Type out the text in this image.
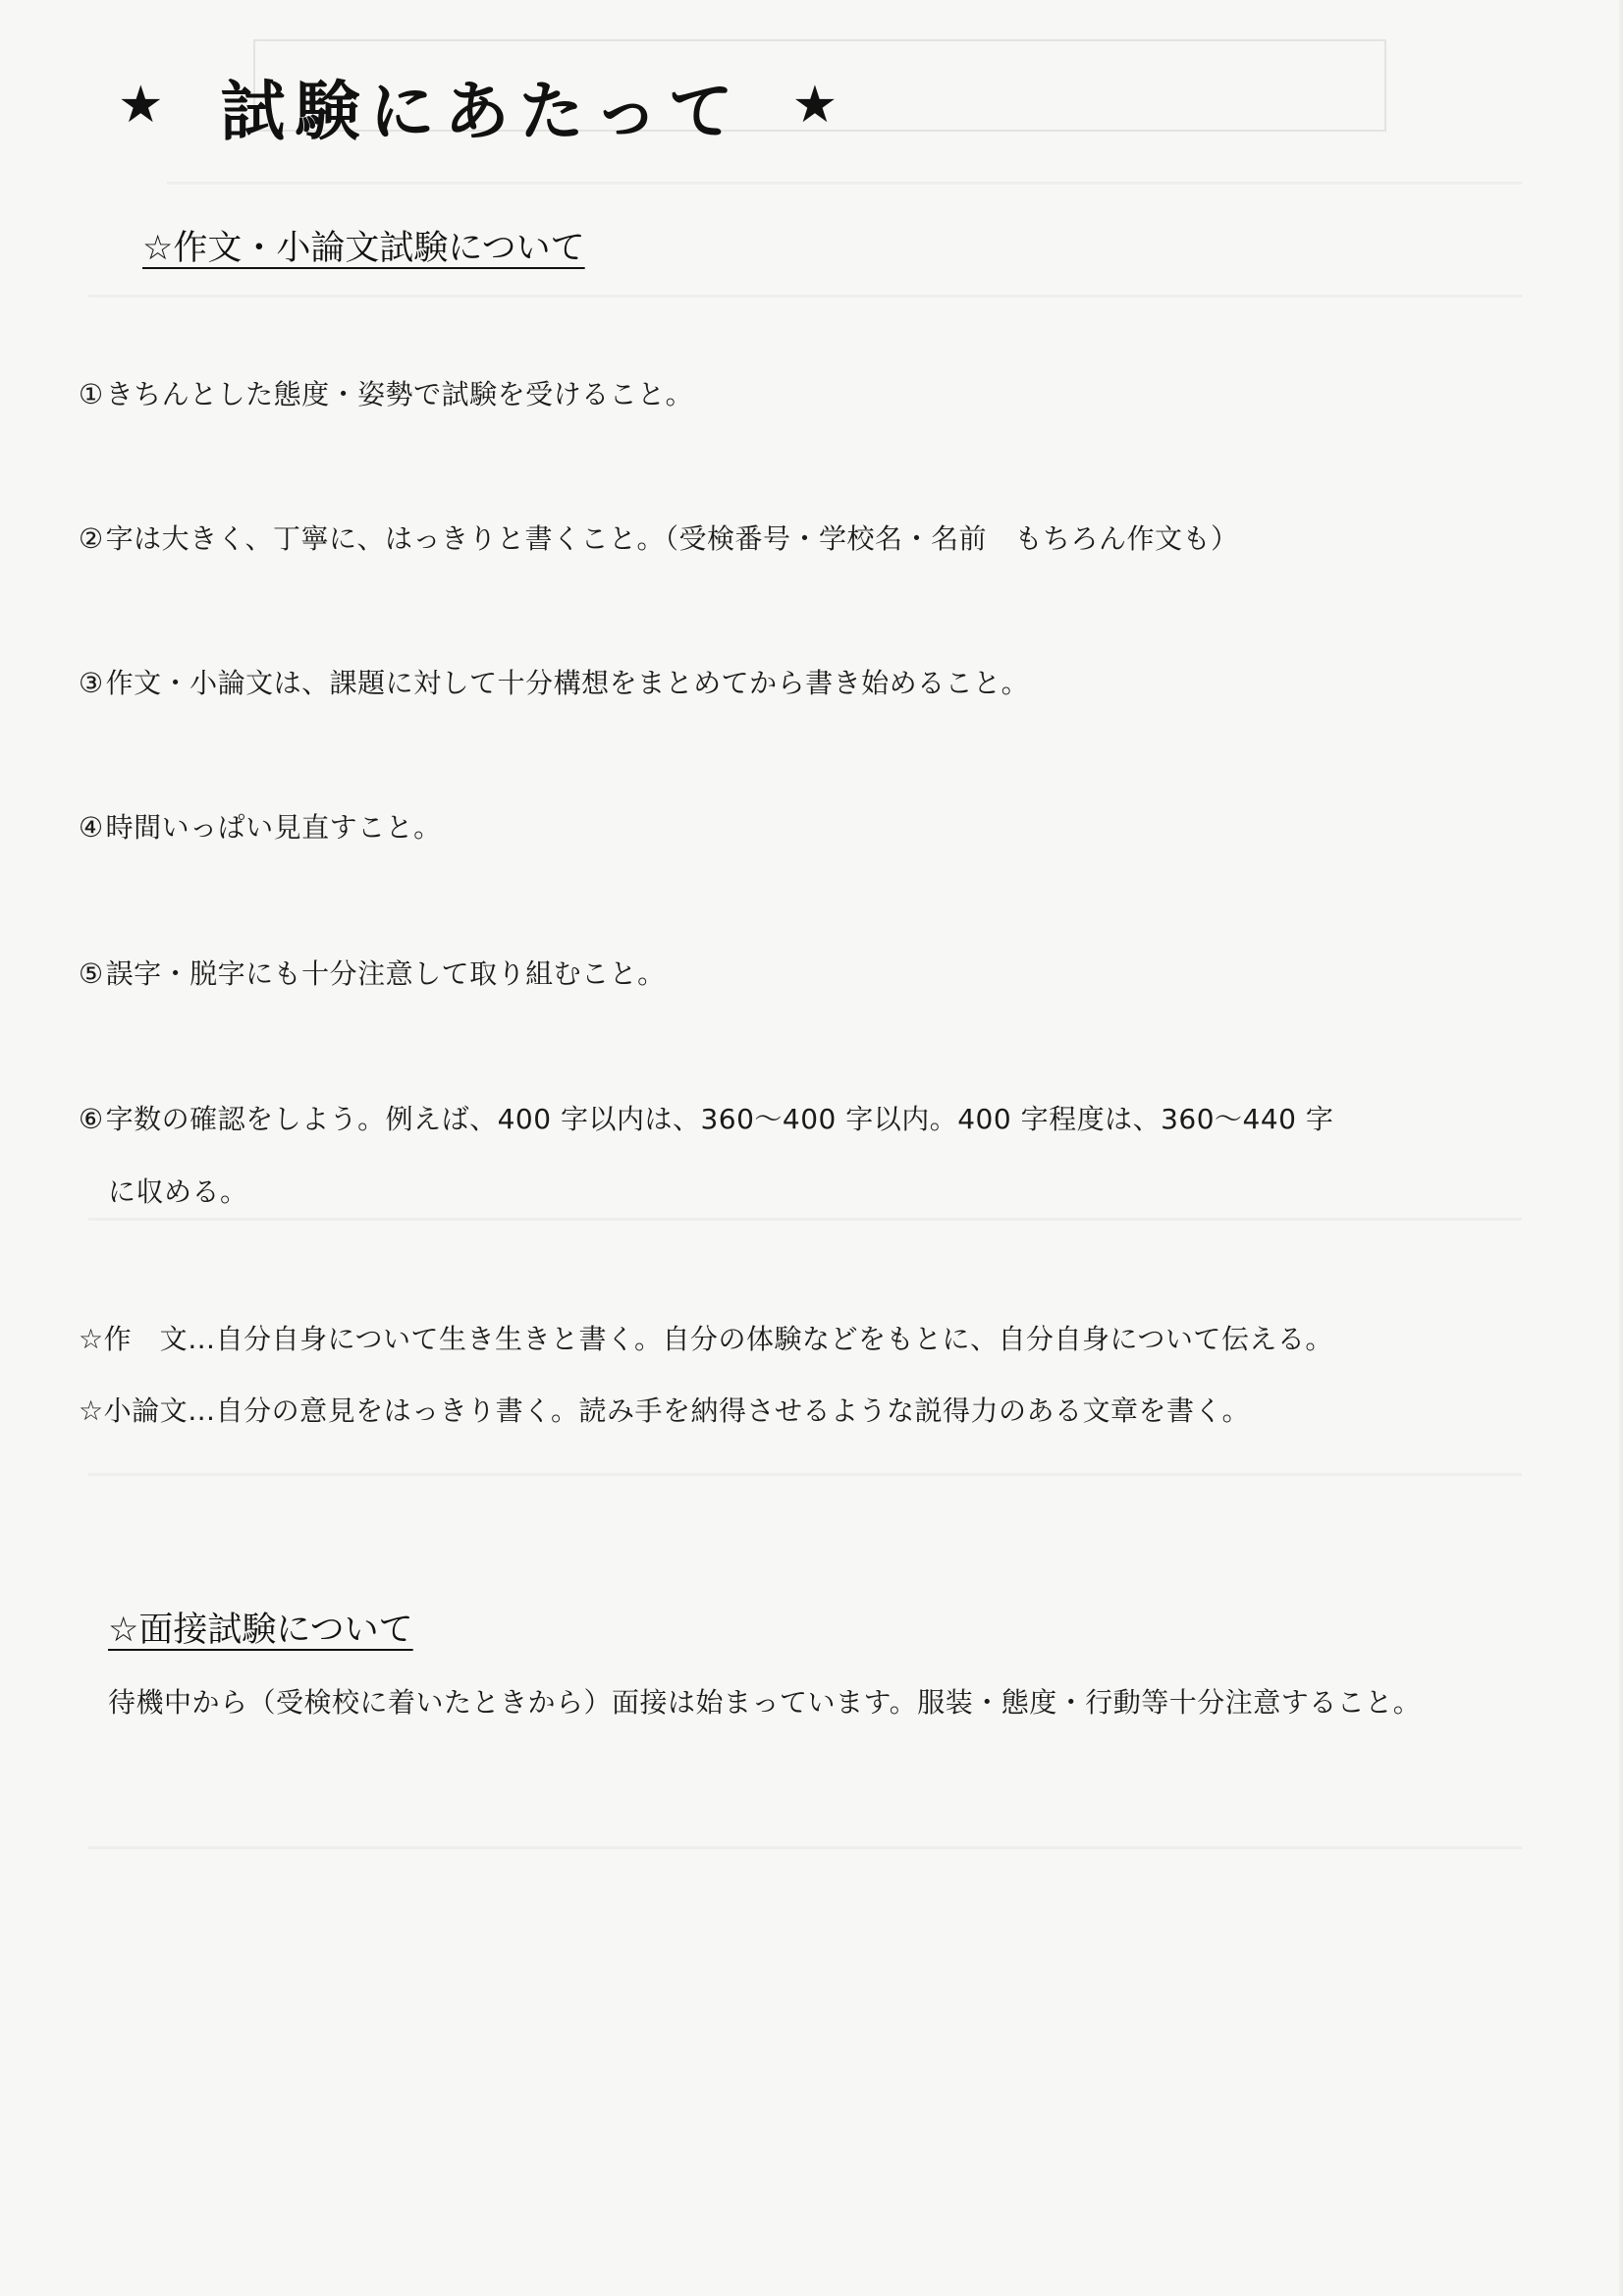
★ 試験にあたって ★
☆作文・小論文試験について
①きちんとした態度・姿勢で試験を受けること。
②字は大きく、丁寧に、はっきりと書くこと。（受検番号・学校名・名前　もちろん作文も）
③作文・小論文は、課題に対して十分構想をまとめてから書き始めること。
④時間いっぱい見直すこと。
⑤誤字・脱字にも十分注意して取り組むこと。
⑥字数の確認をしよう。例えば、400 字以内は、360～400 字以内。400 字程度は、360～440 字
に収める。
☆作　文…自分自身について生き生きと書く。自分の体験などをもとに、自分自身について伝える。
☆小論文…自分の意見をはっきり書く。読み手を納得させるような説得力のある文章を書く。
☆面接試験について
待機中から（受検校に着いたときから）面接は始まっています。服装・態度・行動等十分注意すること。
